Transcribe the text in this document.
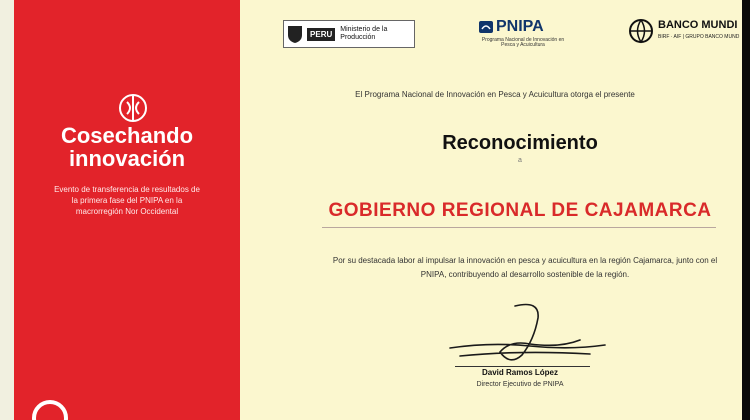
Cosechando
innovación
Evento de transferencia de resultados de la primera fase del PNIPA en la macrorregión Nor Occidental
PERU	Ministerio de la Producción
PNIPA
Programa Nacional de Innovación en Pesca y Acuicultura
BANCO MUNDI
BIRF · AIF | GRUPO BANCO MUND
El Programa Nacional de Innovación en Pesca y Acuicultura otorga el presente
Reconocimiento
a
GOBIERNO REGIONAL DE CAJAMARCA
Por su destacada labor al impulsar la innovación en pesca y acuicultura en la región Cajamarca, junto con el PNIPA, contribuyendo al desarrollo sostenible de la región.
David Ramos López
Director Ejecutivo de PNIPA
